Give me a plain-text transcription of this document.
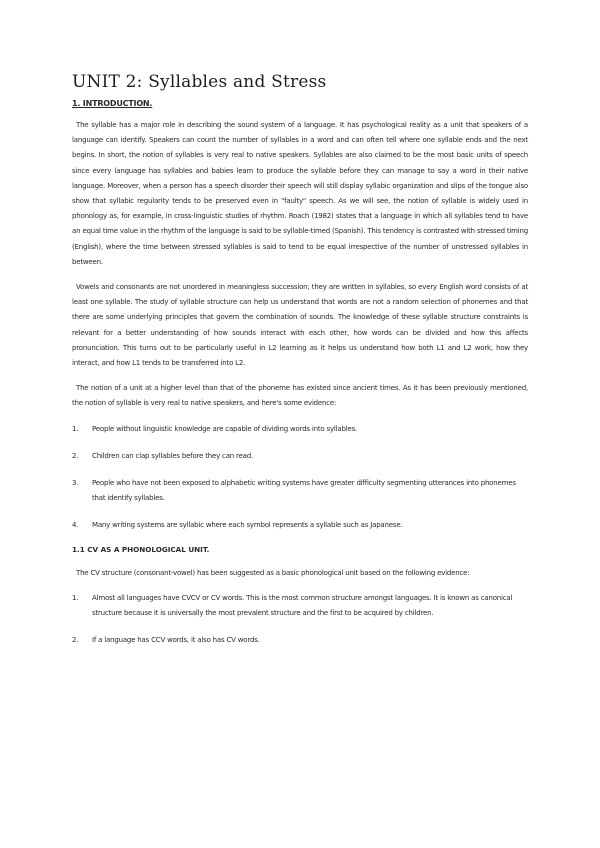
UNIT 2: Syllables and Stress
1. INTRODUCTION.

The syllable has a major role in describing the sound system of a language. It has psychological reality as a unit that speakers of a language can identify. Speakers can count the number of syllables in a word and can often tell where one syllable ends and the next begins. In short, the notion of syllables is very real to native speakers. Syllables are also claimed to be the most basic units of speech since every language has syllables and babies learn to produce the syllable before they can manage to say a word in their native language. Moreover, when a person has a speech disorder their speech will still display syllabic organization and slips of the tongue also show that syllabic regularity tends to be preserved even in "faulty" speech. As we will see, the notion of syllable is widely used in phonology as, for example, in cross-linguistic studies of rhythm. Roach (1982) states that a language in which all syllables tend to have an equal time value in the rhythm of the language is said to be syllable-timed (Spanish). This tendency is contrasted with stressed timing (English), where the time between stressed syllables is said to tend to be equal irrespective of the number of unstressed syllables in between.

Vowels and consonants are not unordered in meaningless succession; they are written in syllables, so every English word consists of at least one syllable. The study of syllable structure can help us understand that words are not a random selection of phonemes and that there are some underlying principles that govern the combination of sounds. The knowledge of these syllable structure constraints is relevant for a better understanding of how sounds interact with each other, how words can be divided and how this affects pronunciation. This turns out to be particularly useful in L2 learning as it helps us understand how both L1 and L2 work, how they interact, and how L1 tends to be transferred into L2.

The notion of a unit at a higher level than that of the phoneme has existed since ancient times. As it has been previously mentioned, the notion of syllable is very real to native speakers, and here's some evidence:

1. People without linguistic knowledge are capable of dividing words into syllables.
2. Children can clap syllables before they can read.
3. People who have not been exposed to alphabetic writing systems have greater difficulty segmenting utterances into phonemes that identify syllables.
4. Many writing systems are syllabic where each symbol represents a syllable such as Japanese.
1.1 CV AS A PHONOLOGICAL UNIT.

The CV structure (consonant-vowel) has been suggested as a basic phonological unit based on the following evidence:

1. Almost all languages have CVCV or CV words. This is the most common structure amongst languages. It is known as canonical structure because it is universally the most prevalent structure and the first to be acquired by children.
2. If a language has CCV words, it also has CV words.
